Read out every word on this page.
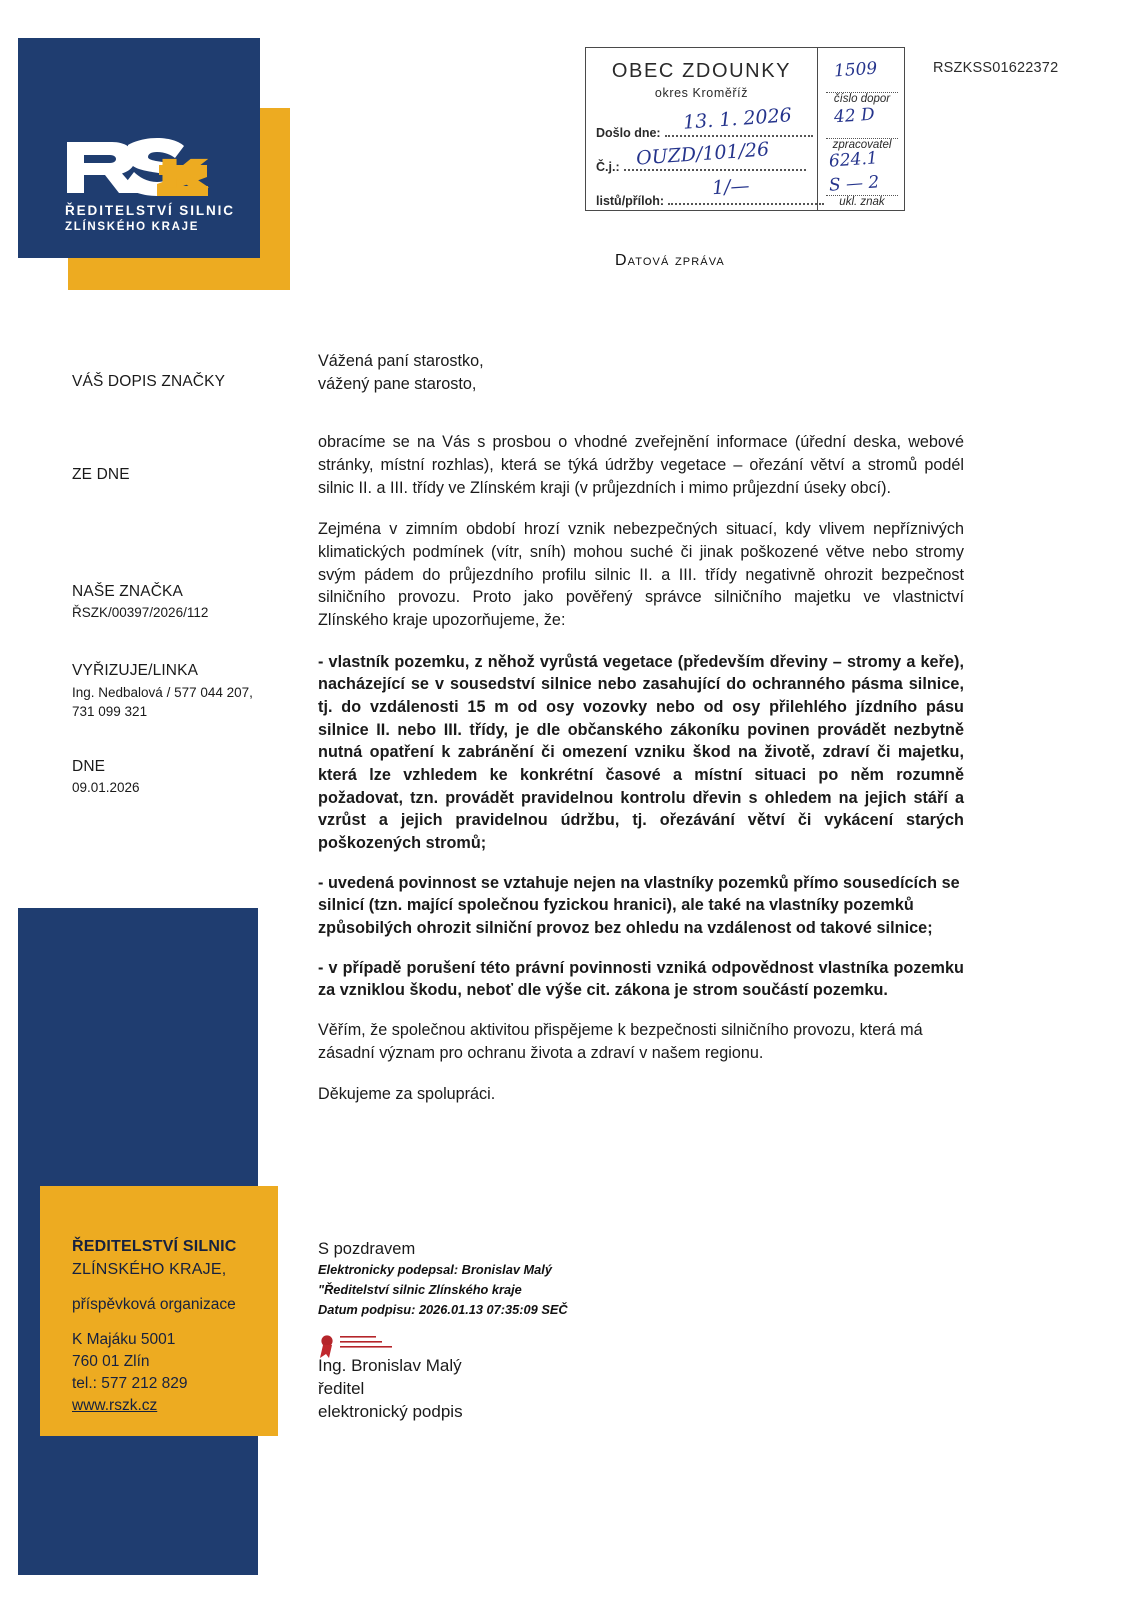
ŘEDITELSTVÍ SILNIC
ZLÍNSKÉHO KRAJE
OBEC ZDOUNKY
okres Kroměříž
Došlo dne:	13. 1. 2026
Č.j.: OUZD/101/26
listů/příloh:
1/—
1509
číslo dopor
42 D
zpracovatel
624.1
S — 2
ukl. znak
RSZKSS01622372
Datová zpráva
VÁŠ DOPIS ZNAČKY
ZE DNE
NAŠE ZNAČKA
ŘSZK/00397/2026/112
VYŘIZUJE/LINKA
Ing. Nedbalová / 577 044 207,
731 099 321
DNE
09.01.2026
Vážená paní starostko,
vážený pane starosto,

obracíme se na Vás s prosbou o vhodné zveřejnění informace (úřední deska, webové stránky, místní rozhlas), která se týká údržby vegetace – ořezání větví a stromů podél silnic II. a III. třídy ve Zlínském kraji (v průjezdních i mimo průjezdní úseky obcí).

Zejména v zimním období hrozí vznik nebezpečných situací, kdy vlivem nepříznivých klimatických podmínek (vítr, sníh) mohou suché či jinak poškozené větve nebo stromy svým pádem do průjezdního profilu silnic II. a III. třídy negativně ohrozit bezpečnost silničního provozu. Proto jako pověřený správce silničního majetku ve vlastnictví Zlínského kraje upozorňujeme, že:

- vlastník pozemku, z něhož vyrůstá vegetace (především dřeviny – stromy a keře), nacházející se v sousedství silnice nebo zasahující do ochranného pásma silnice, tj. do vzdálenosti 15 m od osy vozovky nebo od osy přilehlého jízdního pásu silnice II. nebo III. třídy, je dle občanského zákoníku povinen provádět nezbytně nutná opatření k zabránění či omezení vzniku škod na životě, zdraví či majetku, která lze vzhledem ke konkrétní časové a místní situaci po něm rozumně požadovat, tzn. provádět pravidelnou kontrolu dřevin s ohledem na jejich stáří a vzrůst a jejich pravidelnou údržbu, tj. ořezávání větví či vykácení starých poškozených stromů;

- uvedená povinnost se vztahuje nejen na vlastníky pozemků přímo sousedících se silnicí (tzn. mající společnou fyzickou hranici), ale také na vlastníky pozemků způsobilých ohrozit silniční provoz bez ohledu na vzdálenost od takové silnice;

- v případě porušení této právní povinnosti vzniká odpovědnost vlastníka pozemku za vzniklou škodu, neboť dle výše cit. zákona je strom součástí pozemku.

Věřím, že společnou aktivitou přispějeme k bezpečnosti silničního provozu, která má zásadní význam pro ochranu života a zdraví v našem regionu.

Děkujeme za spolupráci.

S pozdravem
Elektronicky podepsal: Bronislav Malý
"Ředitelství silnic Zlínského kraje
Datum podpisu: 2026.01.13 07:35:09 SEČ
Ing. Bronislav Malý
ředitel
elektronický podpis
ŘEDITELSTVÍ SILNIC
ZLÍNSKÉHO KRAJE,
příspěvková organizace
K Majáku 5001
760 01 Zlín
tel.: 577 212 829
www.rszk.cz
